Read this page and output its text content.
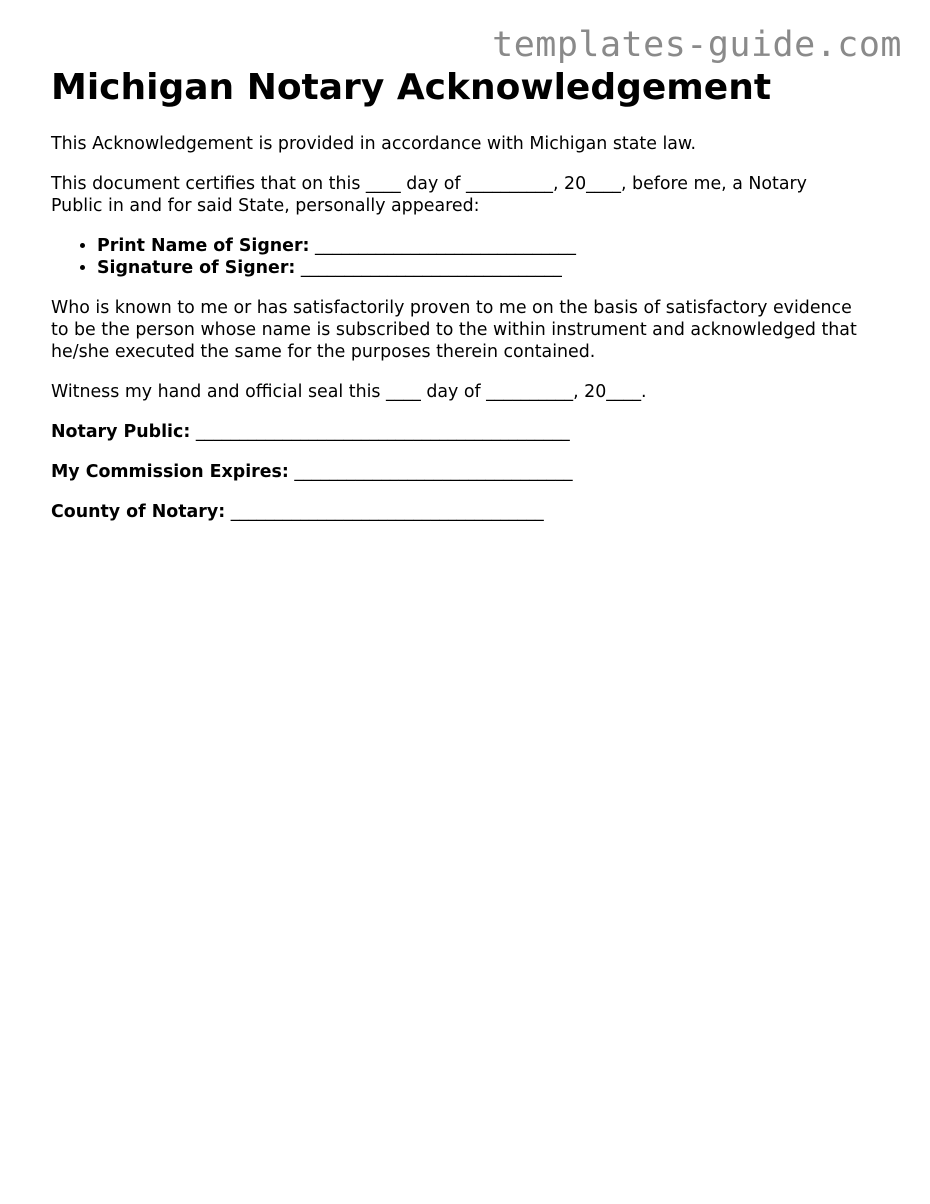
templates-guide.com
Michigan Notary Acknowledgement

This Acknowledgement is provided in accordance with Michigan state law.

This document certifies that on this ____ day of __________, 20____, before me, a Notary Public in and for said State, personally appeared:

• Print Name of Signer: ______________________________
• Signature of Signer: ______________________________

Who is known to me or has satisfactorily proven to me on the basis of satisfactory evidence to be the person whose name is subscribed to the within instrument and acknowledged that he/she executed the same for the purposes therein contained.

Witness my hand and official seal this ____ day of __________, 20____.

Notary Public: ___________________________________________
My Commission Expires: ________________________________
County of Notary: ____________________________________
